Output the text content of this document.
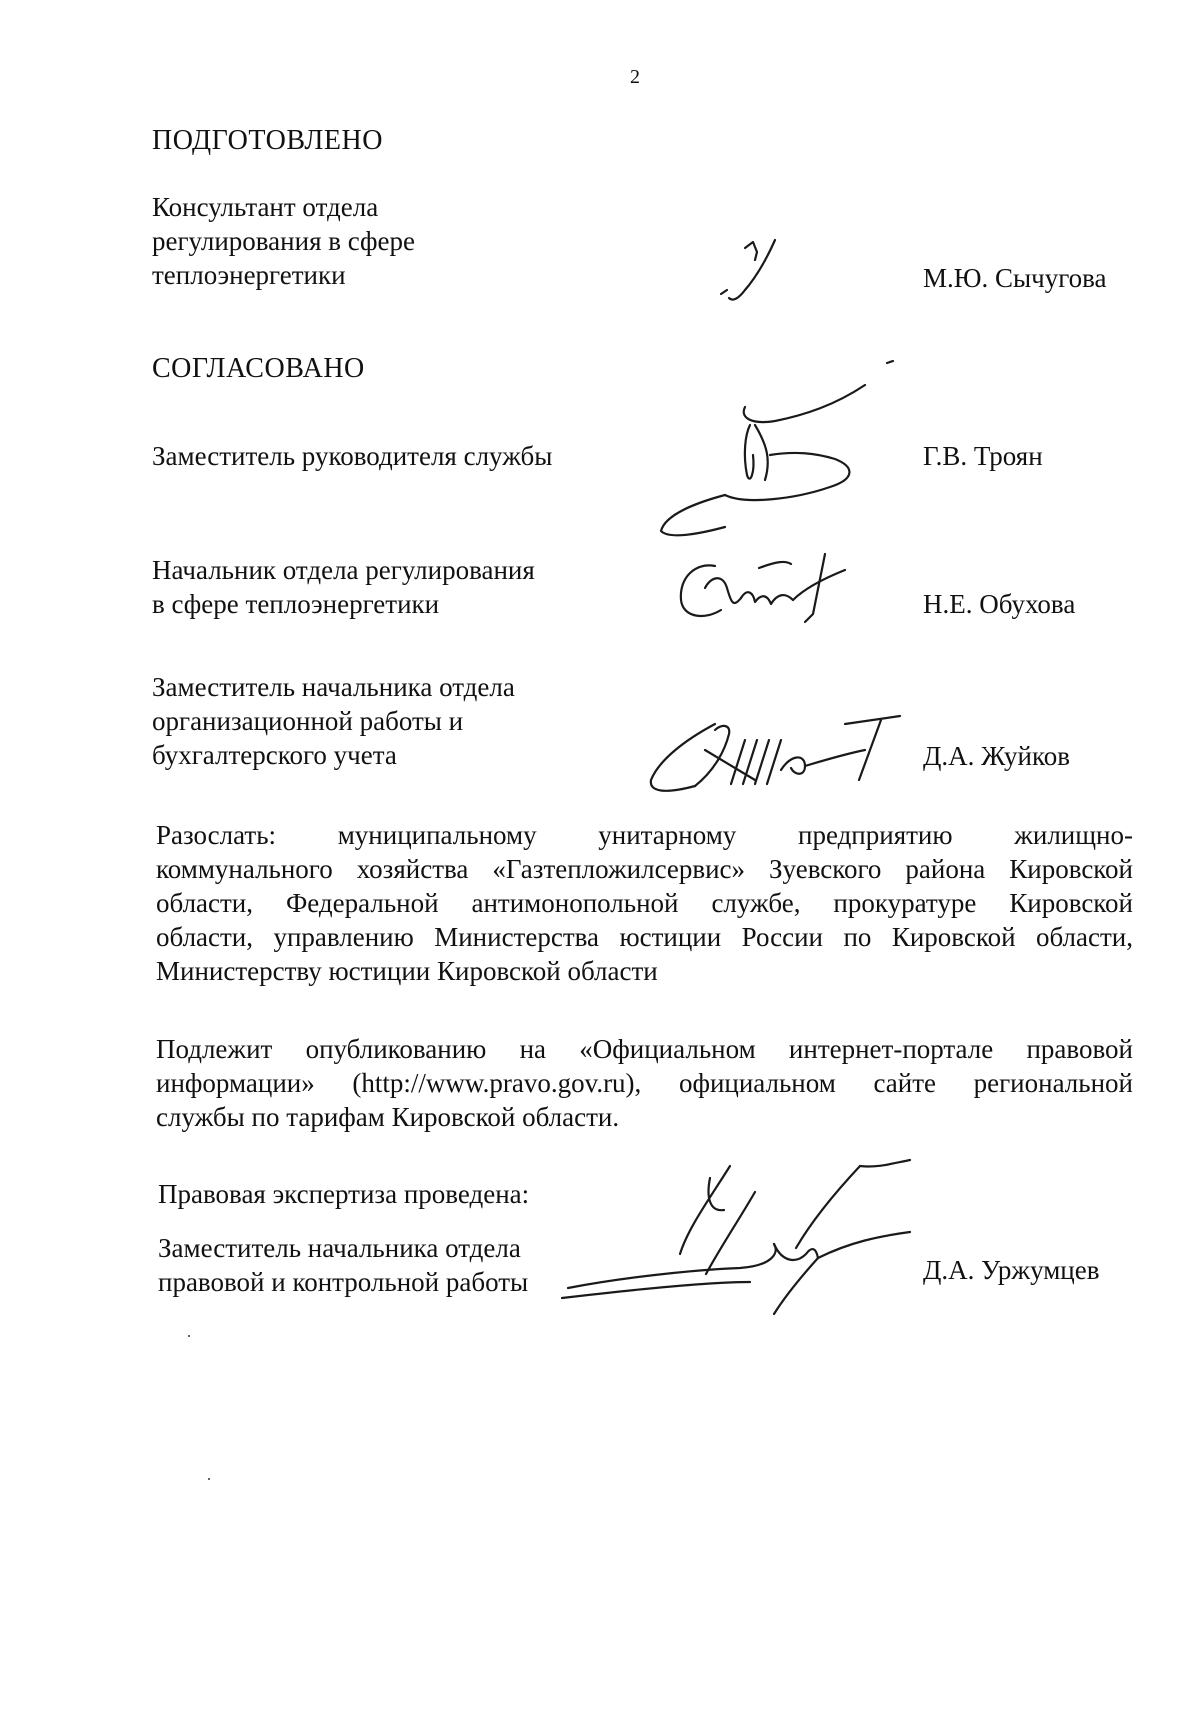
2
ПОДГОТОВЛЕНО
Консультант отдела
регулирования в сфере
теплоэнергетики	М.Ю. Сычугова
СОГЛАСОВАНО
Заместитель руководителя службы	Г.В. Троян
Начальник отдела регулирования
в сфере теплоэнергетики	Н.Е. Обухова
Заместитель начальника отдела
организационной работы и
бухгалтерского учета	Д.А. Жуйков
Разослать: муниципальному унитарному предприятию жилищно-
коммунального хозяйства «Газтепложилсервис» Зуевского района Кировской
области, Федеральной антимонопольной службе, прокуратуре Кировской
области, управлению Министерства юстиции России по Кировской области,
Министерству юстиции Кировской области
Подлежит опубликованию на «Официальном интернет-портале правовой
информации» (http://www.pravo.gov.ru), официальном сайте региональной
службы по тарифам Кировской области.
Правовая экспертиза проведена:
Заместитель начальника отдела
правовой и контрольной работы	Д.А. Уржумцев
